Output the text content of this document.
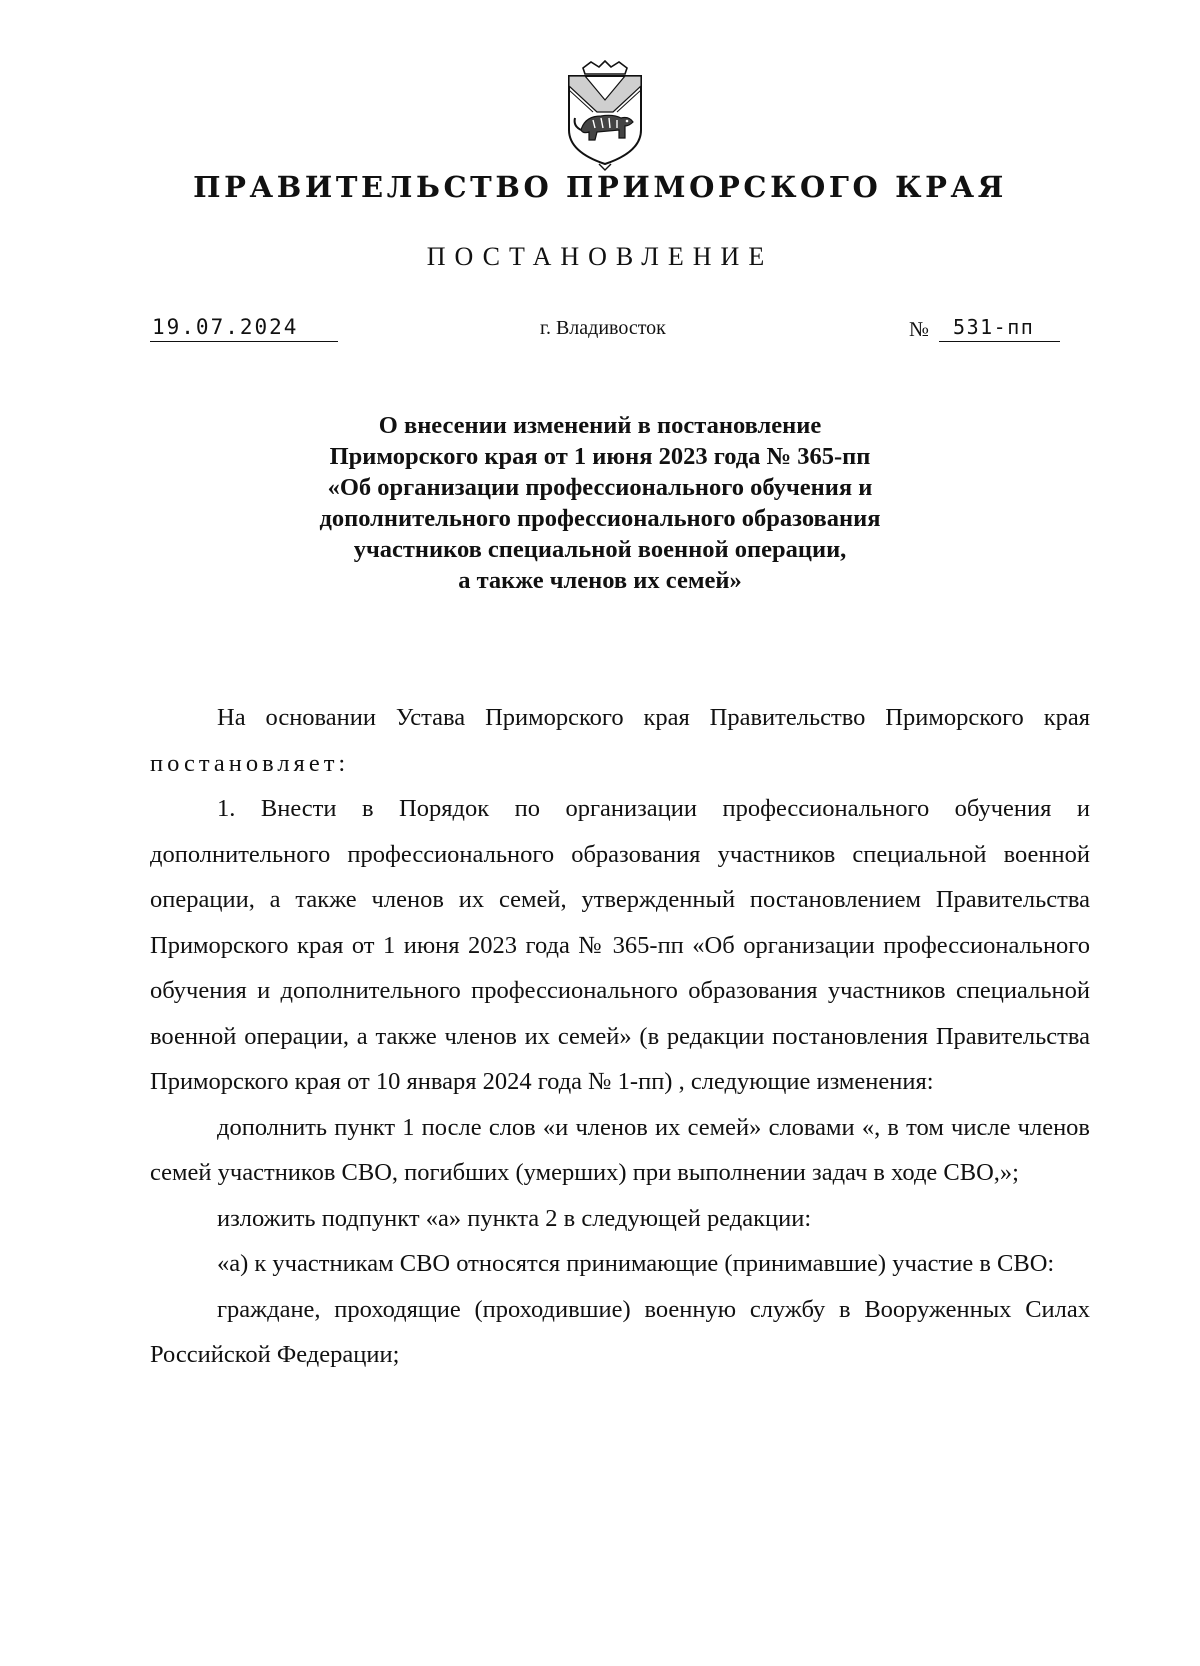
ПРАВИТЕЛЬСТВО ПРИМОРСКОГО КРАЯ
ПОСТАНОВЛЕНИЕ
19.07.2024	г. Владивосток	№ 531-пп
О внесении изменений в постановление
Приморского края от 1 июня 2023 года № 365-пп
«Об организации профессионального обучения и
дополнительного профессионального образования
участников специальной военной операции,
а также членов их семей»

На основании Устава Приморского края Правительство Приморского края постановляет:

1. Внести в Порядок по организации профессионального обучения и дополнительного профессионального образования участников специальной военной операции, а также членов их семей, утвержденный постановлением Правительства Приморского края от 1 июня 2023 года № 365-пп «Об организации профессионального обучения и дополнительного профессионального образования участников специальной военной операции, а также членов их семей» (в редакции постановления Правительства Приморского края от 10 января 2024 года № 1-пп) , следующие изменения:

дополнить пункт 1 после слов «и членов их семей» словами «, в том числе членов семей участников СВО, погибших (умерших) при выполнении задач в ходе СВО,»;

изложить подпункт «а» пункта 2 в следующей редакции:

«а) к участникам СВО относятся принимающие (принимавшие) участие в СВО:

граждане, проходящие (проходившие) военную службу в Вооруженных Силах Российской Федерации;
